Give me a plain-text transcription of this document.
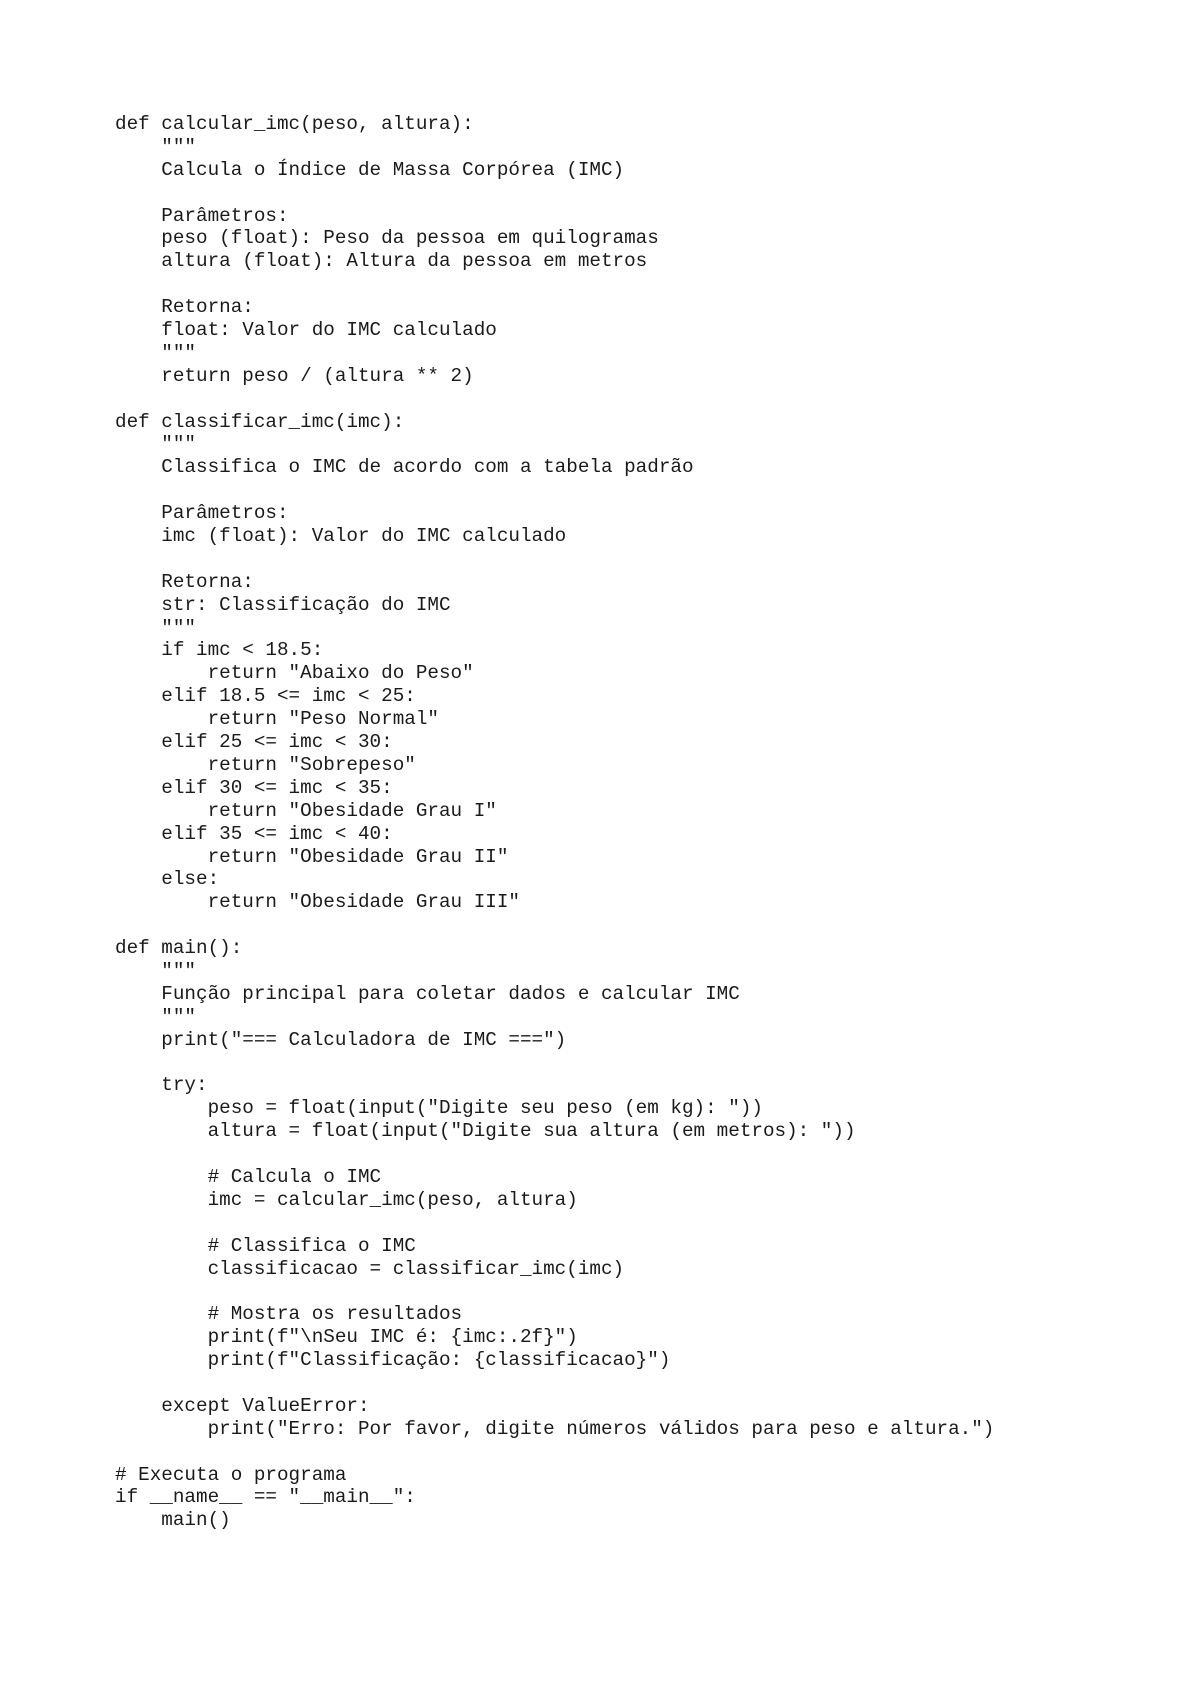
def calcular_imc(peso, altura):
"""
Calcula o Índice de Massa Corpórea (IMC)
Parâmetros:
peso (float): Peso da pessoa em quilogramas
altura (float): Altura da pessoa em metros
Retorna:
float: Valor do IMC calculado
"""
return peso / (altura ** 2)
def classificar_imc(imc):
"""
Classifica o IMC de acordo com a tabela padrão
Parâmetros:
imc (float): Valor do IMC calculado
Retorna:
str: Classificação do IMC
"""
if imc < 18.5:
return "Abaixo do Peso"
elif 18.5 <= imc < 25:
return "Peso Normal"
elif 25 <= imc < 30:
return "Sobrepeso"
elif 30 <= imc < 35:
return "Obesidade Grau I"
elif 35 <= imc < 40:
return "Obesidade Grau II"
else:
return "Obesidade Grau III"
def main():
"""
Função principal para coletar dados e calcular IMC
"""
print("=== Calculadora de IMC ===")
try:
peso = float(input("Digite seu peso (em kg): "))
altura = float(input("Digite sua altura (em metros): "))
# Calcula o IMC
imc = calcular_imc(peso, altura)
# Classifica o IMC
classificacao = classificar_imc(imc)
# Mostra os resultados
print(f"\nSeu IMC é: {imc:.2f}")
print(f"Classificação: {classificacao}")
except ValueError:
print("Erro: Por favor, digite números válidos para peso e altura.")
# Executa o programa
if __name__ == "__main__":
main()
